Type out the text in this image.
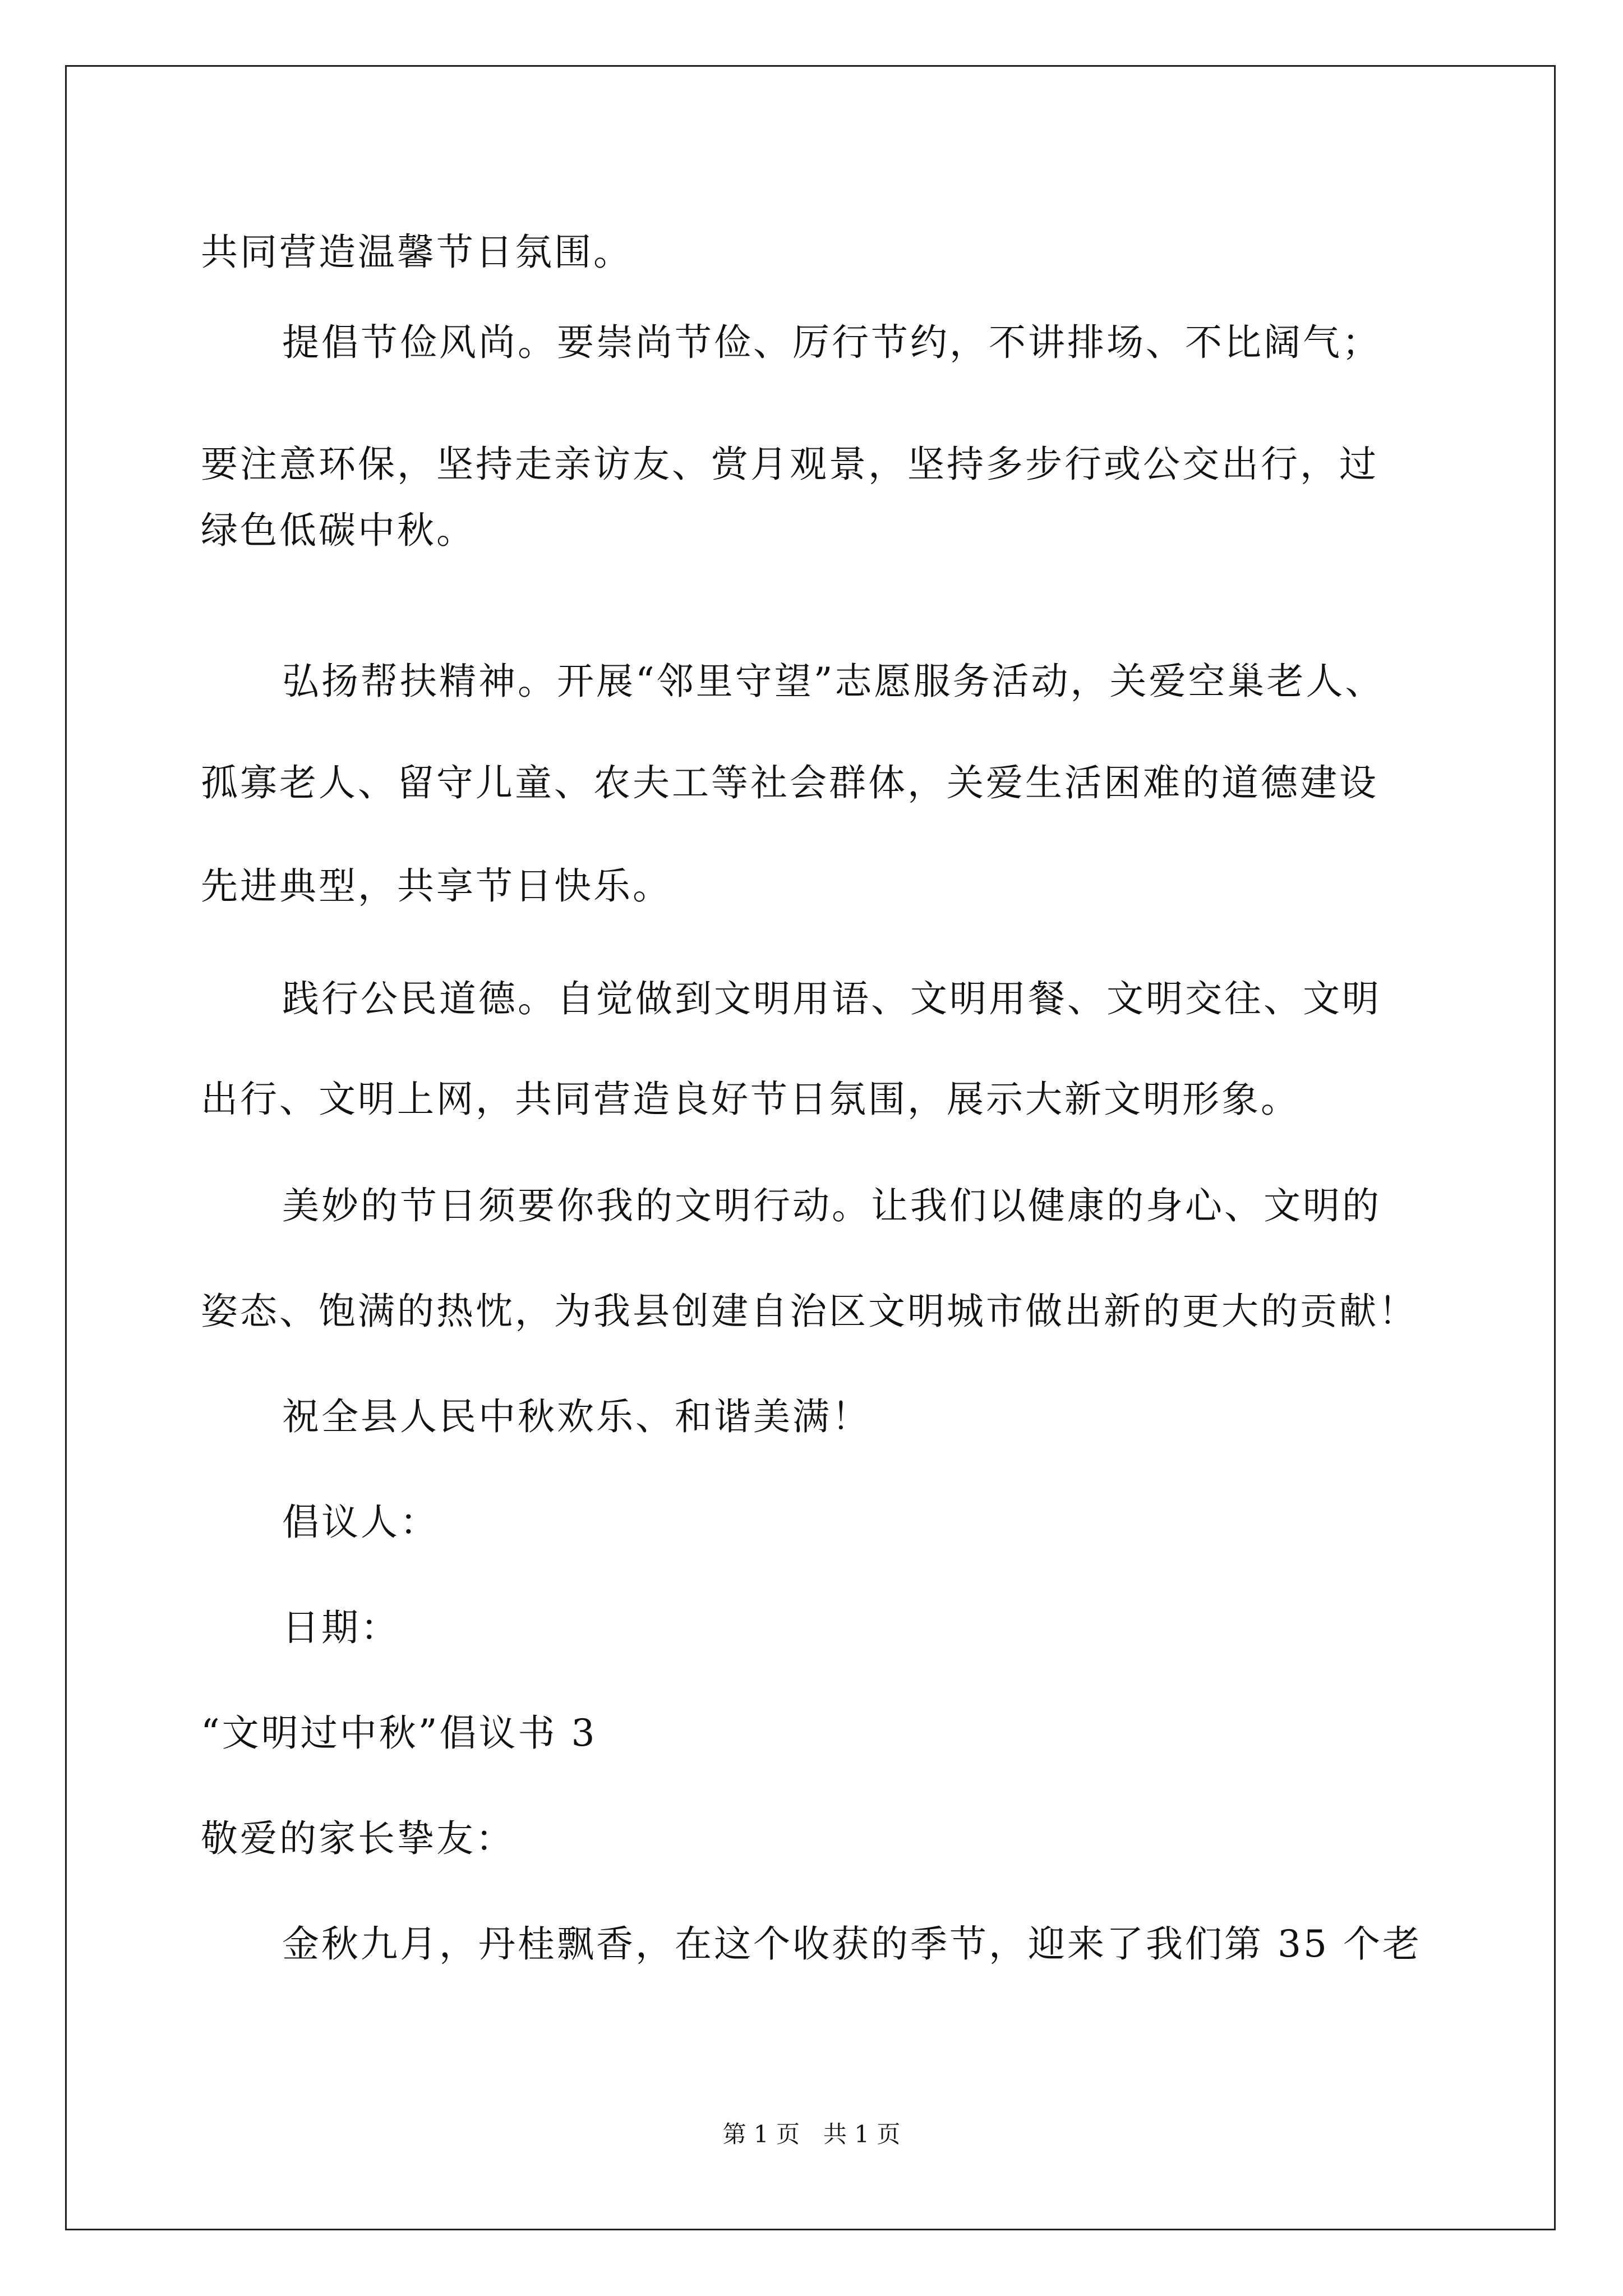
共同营造温馨节日氛围。
提倡节俭风尚。要崇尚节俭、厉行节约，不讲排场、不比阔气；
要注意环保，坚持走亲访友、赏月观景，坚持多步行或公交出行，过
绿色低碳中秋。
弘扬帮扶精神。开展“邻里守望”志愿服务活动，关爱空巢老人、
孤寡老人、留守儿童、农夫工等社会群体，关爱生活困难的道德建设
先进典型，共享节日快乐。
践行公民道德。自觉做到文明用语、文明用餐、文明交往、文明
出行、文明上网，共同营造良好节日氛围，展示大新文明形象。
美妙的节日须要你我的文明行动。让我们以健康的身心、文明的
姿态、饱满的热忱，为我县创建自治区文明城市做出新的更大的贡献！
祝全县人民中秋欢乐、和谐美满！
倡议人：
日期：
“文明过中秋”倡议书 3
敬爱的家长挚友：
金秋九月，丹桂飘香，在这个收获的季节，迎来了我们第 35 个老
第 1 页　共 1 页
